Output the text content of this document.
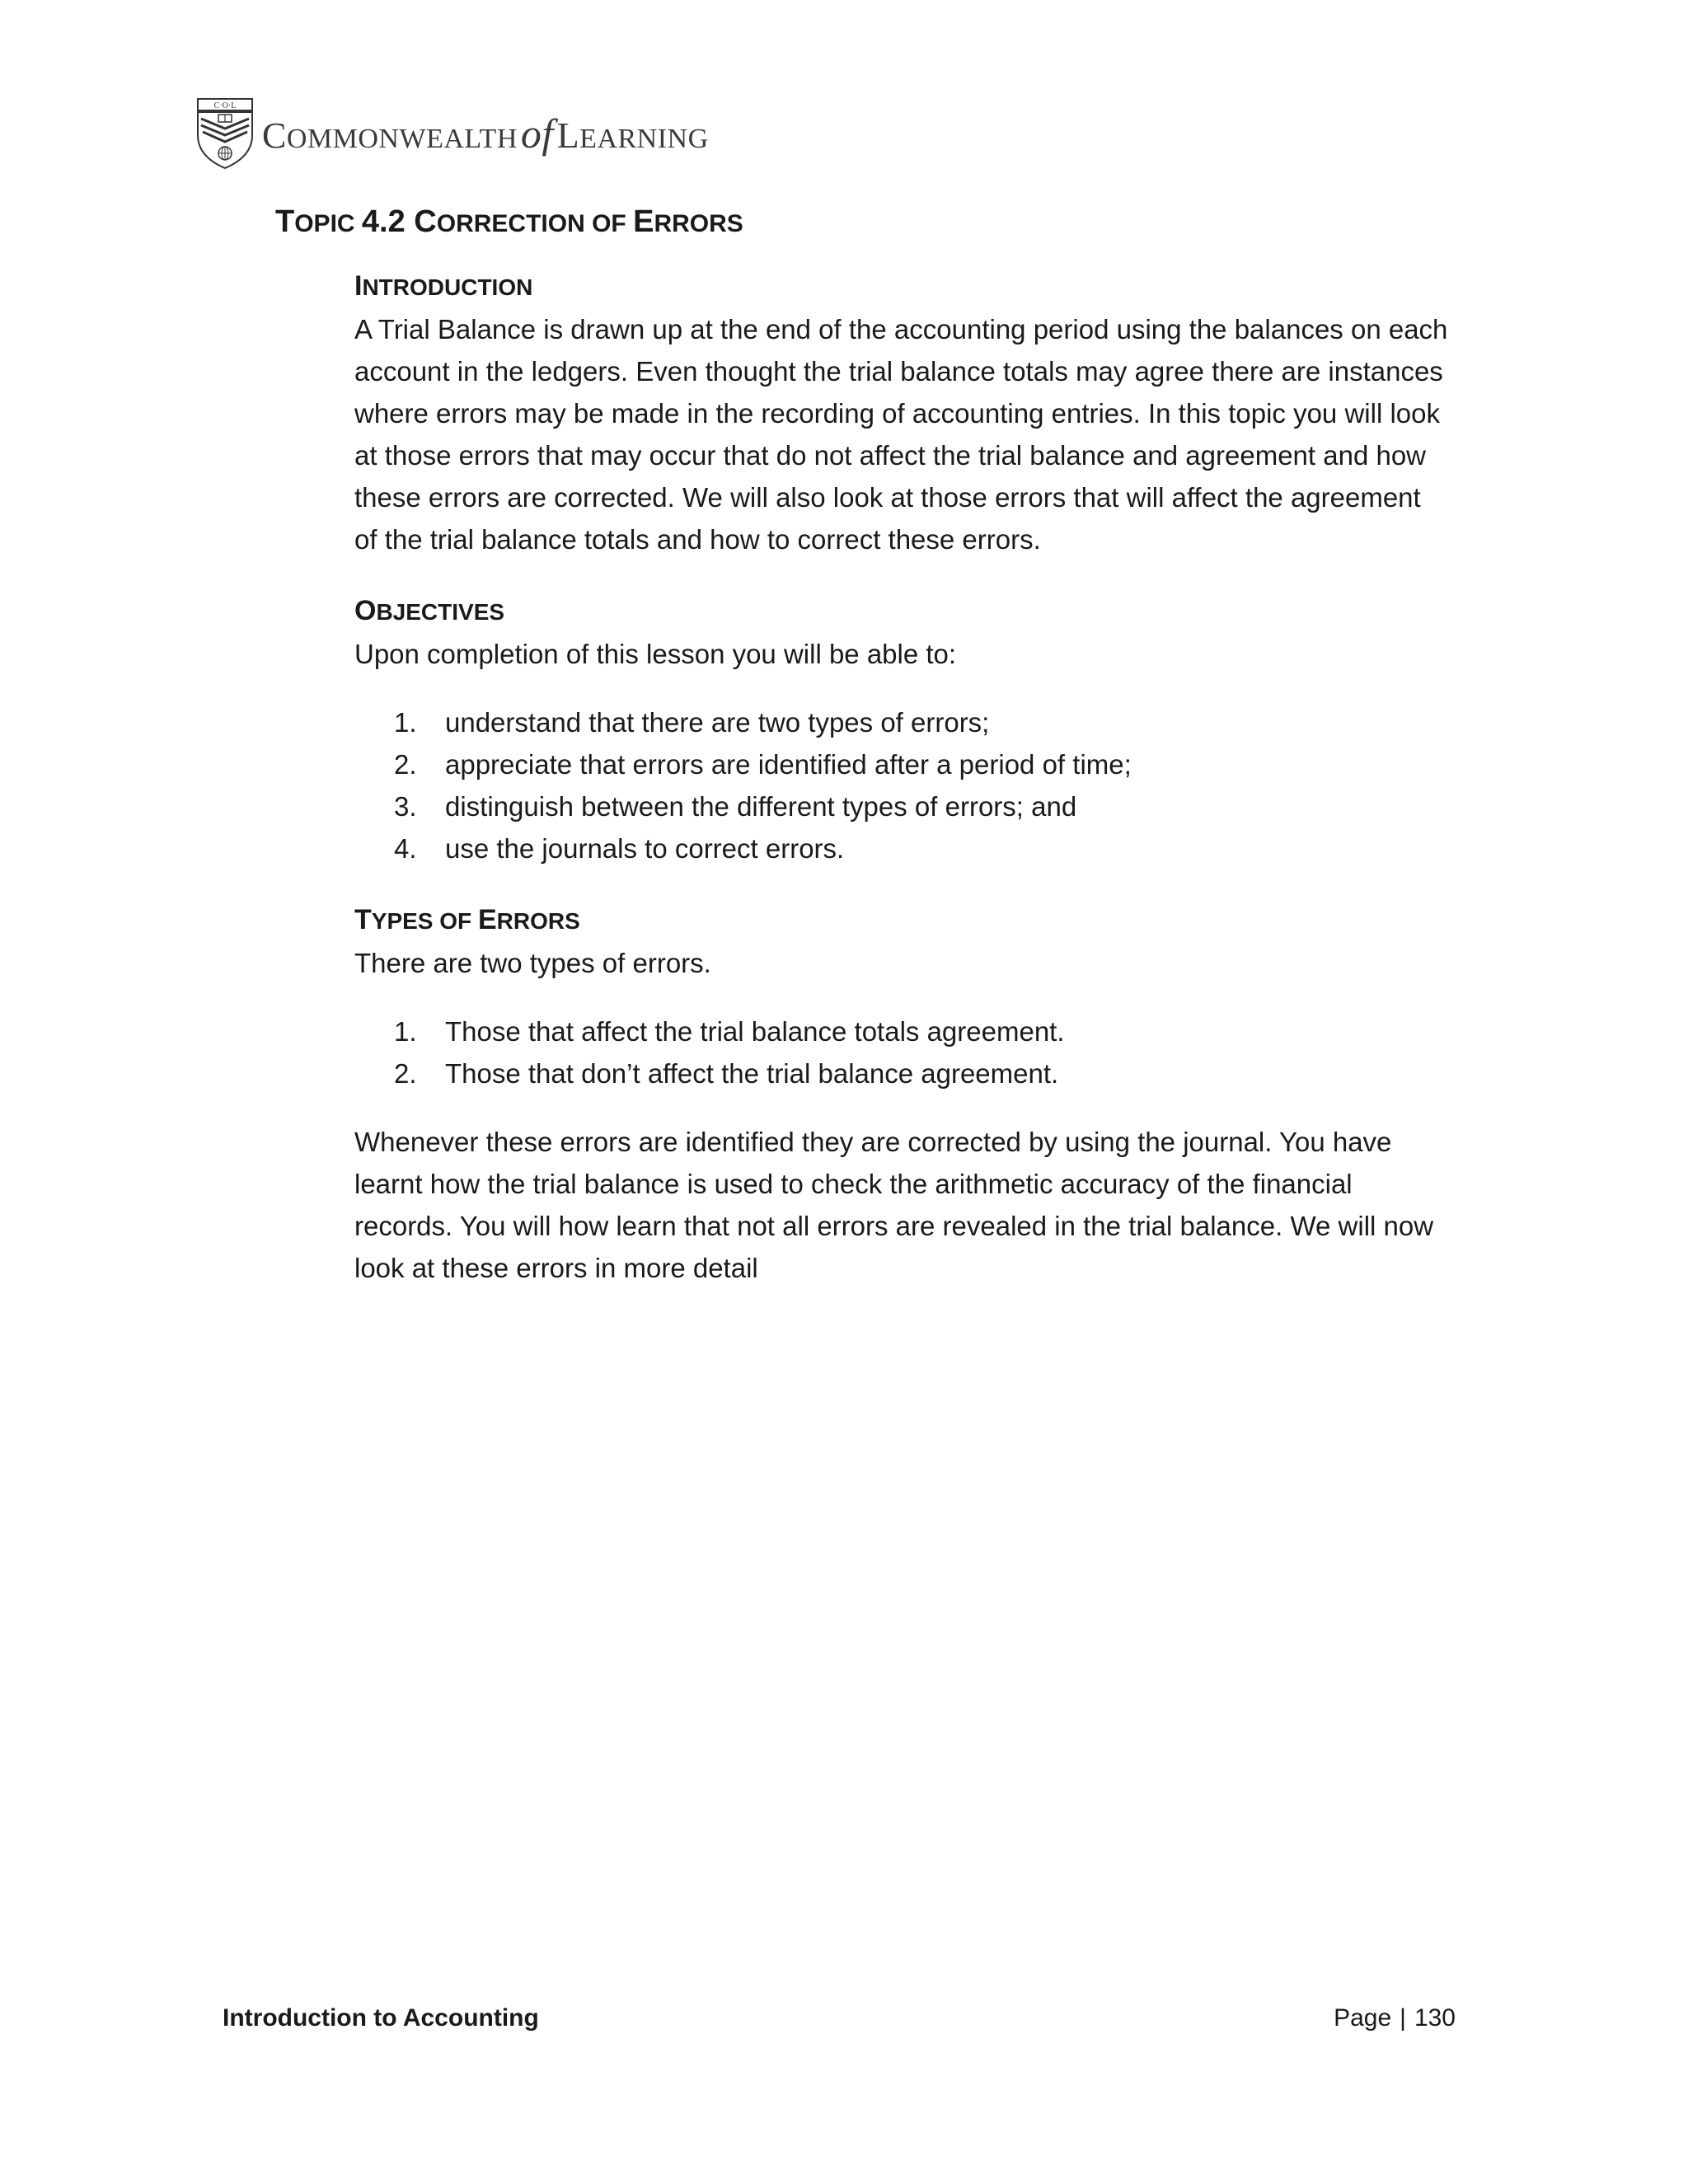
C·O·L
COMMONWEALTHofLEARNING
TOPIC 4.2 CORRECTION OF ERRORS
INTRODUCTION

A Trial Balance is drawn up at the end of the accounting period using the balances on each
account in the ledgers. Even thought the trial balance totals may agree there are instances
where errors may be made in the recording of accounting entries. In this topic you will look
at those errors that may occur that do not affect the trial balance and agreement and how
these errors are corrected. We will also look at those errors that will affect the agreement
of the trial balance totals and how to correct these errors.

OBJECTIVES

Upon completion of this lesson you will be able to:

1.	understand that there are two types of errors;
2.	appreciate that errors are identified after a period of time;
3.	distinguish between the different types of errors; and
4.	use the journals to correct errors.
TYPES OF ERRORS

There are two types of errors.

1.	Those that affect the trial balance totals agreement.
2.	Those that don’t affect the trial balance agreement.

Whenever these errors are identified they are corrected by using the journal. You have
learnt how the trial balance is used to check the arithmetic accuracy of the financial
records. You will how learn that not all errors are revealed in the trial balance. We will now
look at these errors in more detail

Introduction to Accounting	Page | 130
